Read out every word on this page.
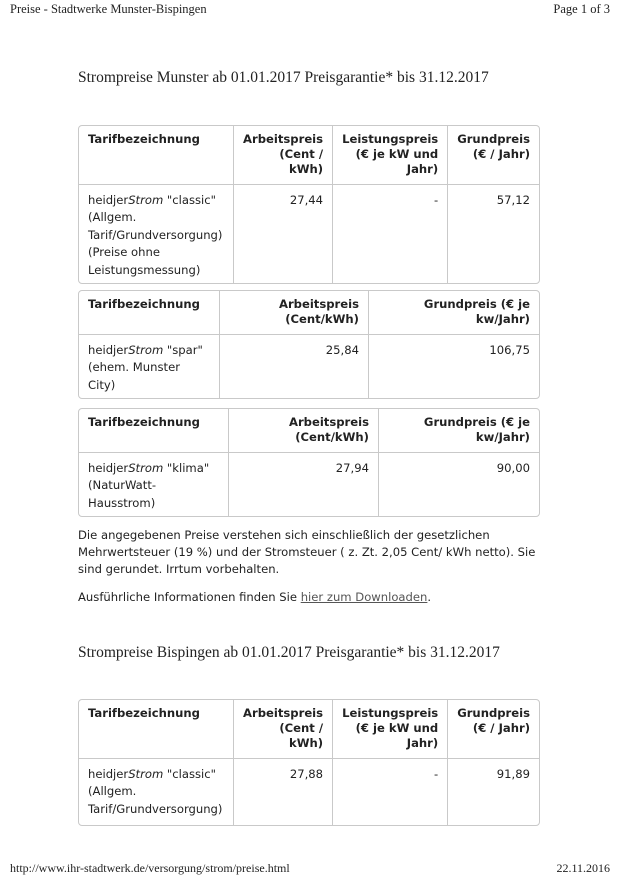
Preise - Stadtwerke Munster-Bispingen	Page 1 of 3
Strompreise Munster ab 01.01.2017 Preisgarantie* bis 31.12.2017
Tarifbezeichnung	Arbeitspreis (Cent / kWh)	Leistungspreis (€ je kW und Jahr)	Grundpreis (€ / Jahr)
heidjerStrom "classic" (Allgem. Tarif/Grundversorgung) (Preise ohne Leistungsmessung)	27,44	-	57,12
Tarifbezeichnung	Arbeitspreis (Cent/kWh)	Grundpreis (€ je kw/Jahr)
heidjerStrom "spar" (ehem. Munster City)	25,84	106,75
Tarifbezeichnung	Arbeitspreis (Cent/kWh)	Grundpreis (€ je kw/Jahr)
heidjerStrom "klima" (NaturWatt-Hausstrom)	27,94	90,00

Die angegebenen Preise verstehen sich einschließlich der gesetzlichen Mehrwertsteuer (19 %) und der Stromsteuer ( z. Zt. 2,05 Cent/ kWh netto). Sie sind gerundet. Irrtum vorbehalten.

Ausführliche Informationen finden Sie hier zum Downloaden.

Strompreise Bispingen ab 01.01.2017 Preisgarantie* bis 31.12.2017
Tarifbezeichnung	Arbeitspreis (Cent / kWh)	Leistungspreis (€ je kW und Jahr)	Grundpreis (€ / Jahr)
heidjerStrom "classic" (Allgem. Tarif/Grundversorgung)	27,88	-	91,89
http://www.ihr-stadtwerk.de/versorgung/strom/preise.html	22.11.2016
